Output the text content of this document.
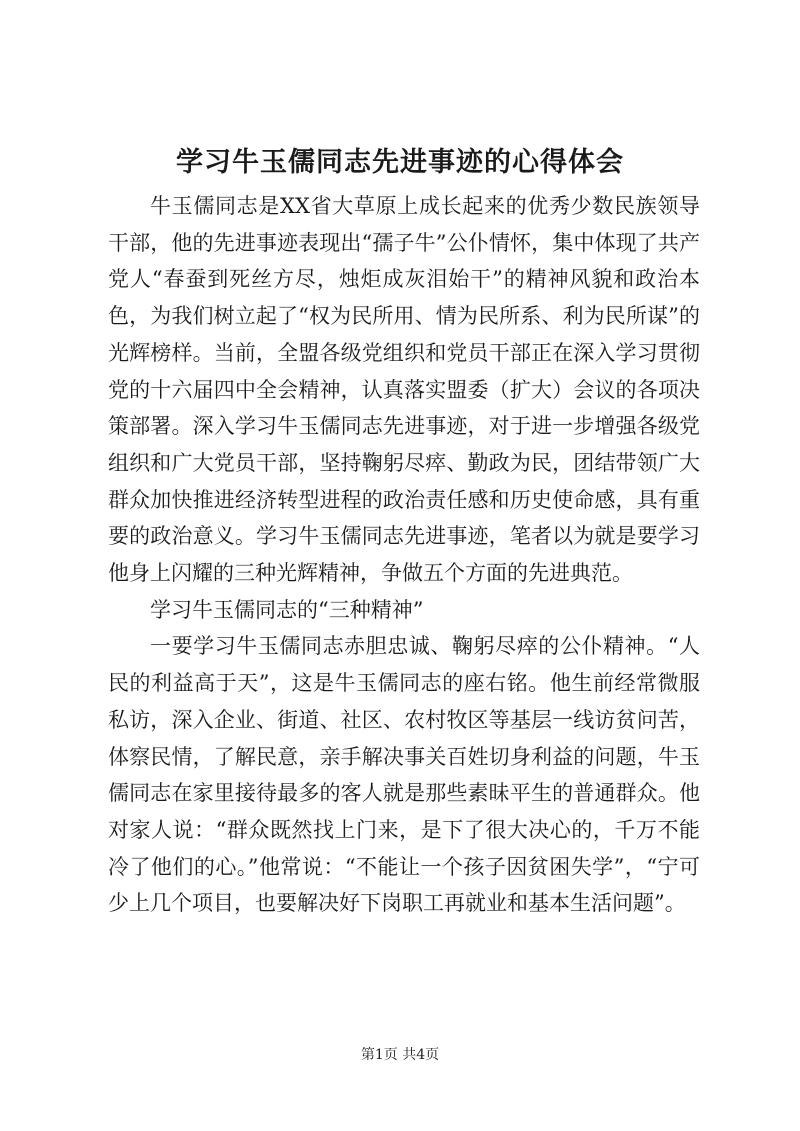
学习牛玉儒同志先进事迹的心得体会

牛玉儒同志是XX省大草原上成长起来的优秀少数民族领导干部，他的先进事迹表现出“孺子牛”公仆情怀，集中体现了共产党人“春蚕到死丝方尽，烛炬成灰泪始干”的精神风貌和政治本色，为我们树立起了“权为民所用、情为民所系、利为民所谋”的光辉榜样。当前，全盟各级党组织和党员干部正在深入学习贯彻党的十六届四中全会精神，认真落实盟委（扩大）会议的各项决策部署。深入学习牛玉儒同志先进事迹，对于进一步增强各级党组织和广大党员干部，坚持鞠躬尽瘁、勤政为民，团结带领广大群众加快推进经济转型进程的政治责任感和历史使命感，具有重要的政治意义。学习牛玉儒同志先进事迹，笔者以为就是要学习他身上闪耀的三种光辉精神，争做五个方面的先进典范。

学习牛玉儒同志的“三种精神”

一要学习牛玉儒同志赤胆忠诚、鞠躬尽瘁的公仆精神。“人民的利益高于天”，这是牛玉儒同志的座右铭。他生前经常微服私访，深入企业、街道、社区、农村牧区等基层一线访贫问苦，体察民情，了解民意，亲手解决事关百姓切身利益的问题，牛玉儒同志在家里接待最多的客人就是那些素昧平生的普通群众。他对家人说：“群众既然找上门来，是下了很大决心的，千万不能冷了他们的心。”他常说：“不能让一个孩子因贫困失学”，“宁可少上几个项目，也要解决好下岗职工再就业和基本生活问题”。

第1页 共4页
